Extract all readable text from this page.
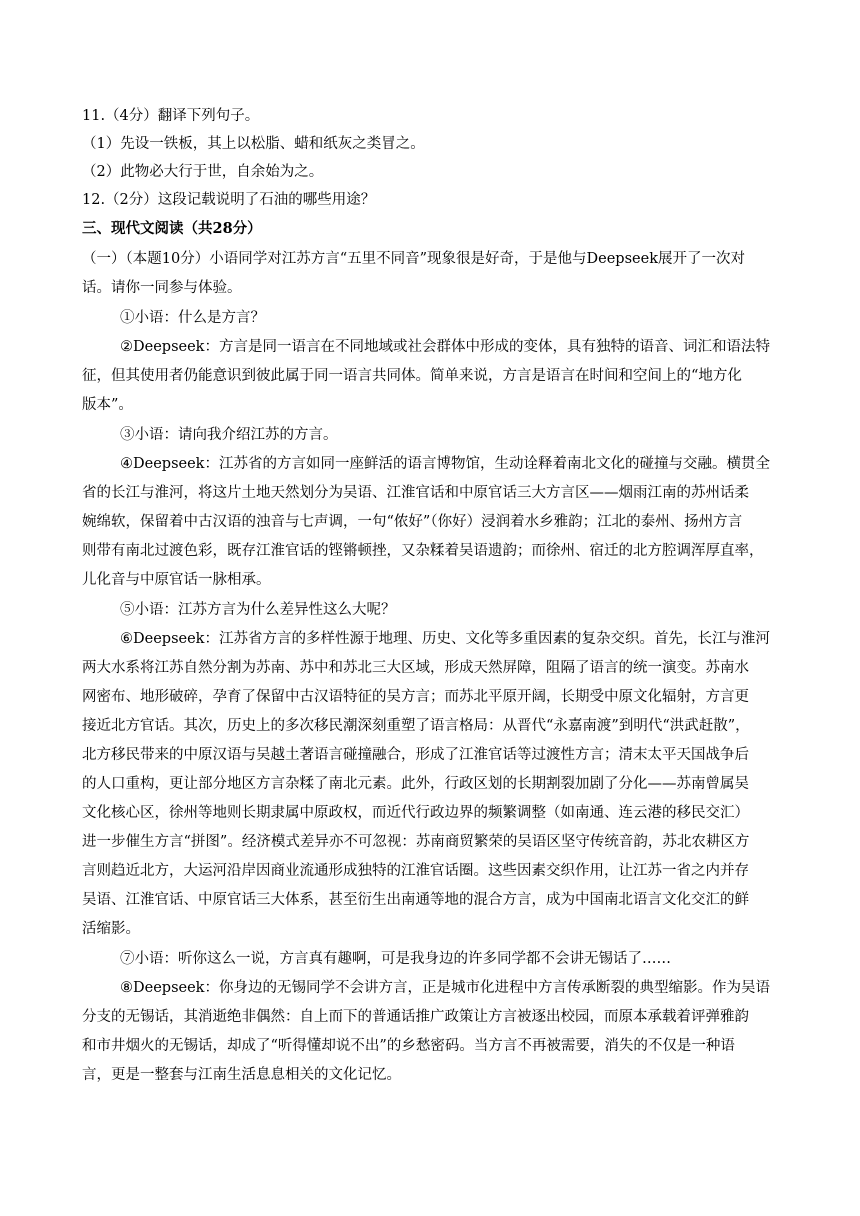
11.（4分）翻译下列句子。
（1）先设一铁板，其上以松脂、蜡和纸灰之类冒之。
（2）此物必大行于世，自余始为之。
12.（2分）这段记载说明了石油的哪些用途？
三、现代文阅读（共28分）
（一）（本题10分）小语同学对江苏方言“五里不同音”现象很是好奇，于是他与Deepseek展开了一次对
话。请你一同参与体验。
①小语：什么是方言？
②Deepseek：方言是同一语言在不同地域或社会群体中形成的变体，具有独特的语音、词汇和语法特
征，但其使用者仍能意识到彼此属于同一语言共同体。简单来说，方言是语言在时间和空间上的“地方化
版本”。
③小语：请向我介绍江苏的方言。
④Deepseek：江苏省的方言如同一座鲜活的语言博物馆，生动诠释着南北文化的碰撞与交融。横贯全
省的长江与淮河，将这片土地天然划分为吴语、江淮官话和中原官话三大方言区——烟雨江南的苏州话柔
婉绵软，保留着中古汉语的浊音与七声调，一句“侬好”（你好）浸润着水乡雅韵；江北的泰州、扬州方言
则带有南北过渡色彩，既存江淮官话的铿锵顿挫，又杂糅着吴语遗韵；而徐州、宿迁的北方腔调浑厚直率，
儿化音与中原官话一脉相承。
⑤小语：江苏方言为什么差异性这么大呢？
⑥Deepseek：江苏省方言的多样性源于地理、历史、文化等多重因素的复杂交织。首先，长江与淮河
两大水系将江苏自然分割为苏南、苏中和苏北三大区域，形成天然屏障，阻隔了语言的统一演变。苏南水
网密布、地形破碎，孕育了保留中古汉语特征的吴方言；而苏北平原开阔，长期受中原文化辐射，方言更
接近北方官话。其次，历史上的多次移民潮深刻重塑了语言格局：从晋代“永嘉南渡”到明代“洪武赶散”，
北方移民带来的中原汉语与吴越土著语言碰撞融合，形成了江淮官话等过渡性方言；清末太平天国战争后
的人口重构，更让部分地区方言杂糅了南北元素。此外，行政区划的长期割裂加剧了分化——苏南曾属吴
文化核心区，徐州等地则长期隶属中原政权，而近代行政边界的频繁调整（如南通、连云港的移民交汇）
进一步催生方言“拼图”。经济模式差异亦不可忽视：苏南商贸繁荣的吴语区坚守传统音韵，苏北农耕区方
言则趋近北方，大运河沿岸因商业流通形成独特的江淮官话圈。这些因素交织作用，让江苏一省之内并存
吴语、江淮官话、中原官话三大体系，甚至衍生出南通等地的混合方言，成为中国南北语言文化交汇的鲜
活缩影。
⑦小语：听你这么一说，方言真有趣啊，可是我身边的许多同学都不会讲无锡话了……
⑧Deepseek：你身边的无锡同学不会讲方言，正是城市化进程中方言传承断裂的典型缩影。作为吴语
分支的无锡话，其消逝绝非偶然：自上而下的普通话推广政策让方言被逐出校园，而原本承载着评弹雅韵
和市井烟火的无锡话，却成了“听得懂却说不出”的乡愁密码。当方言不再被需要，消失的不仅是一种语
言，更是一整套与江南生活息息相关的文化记忆。
